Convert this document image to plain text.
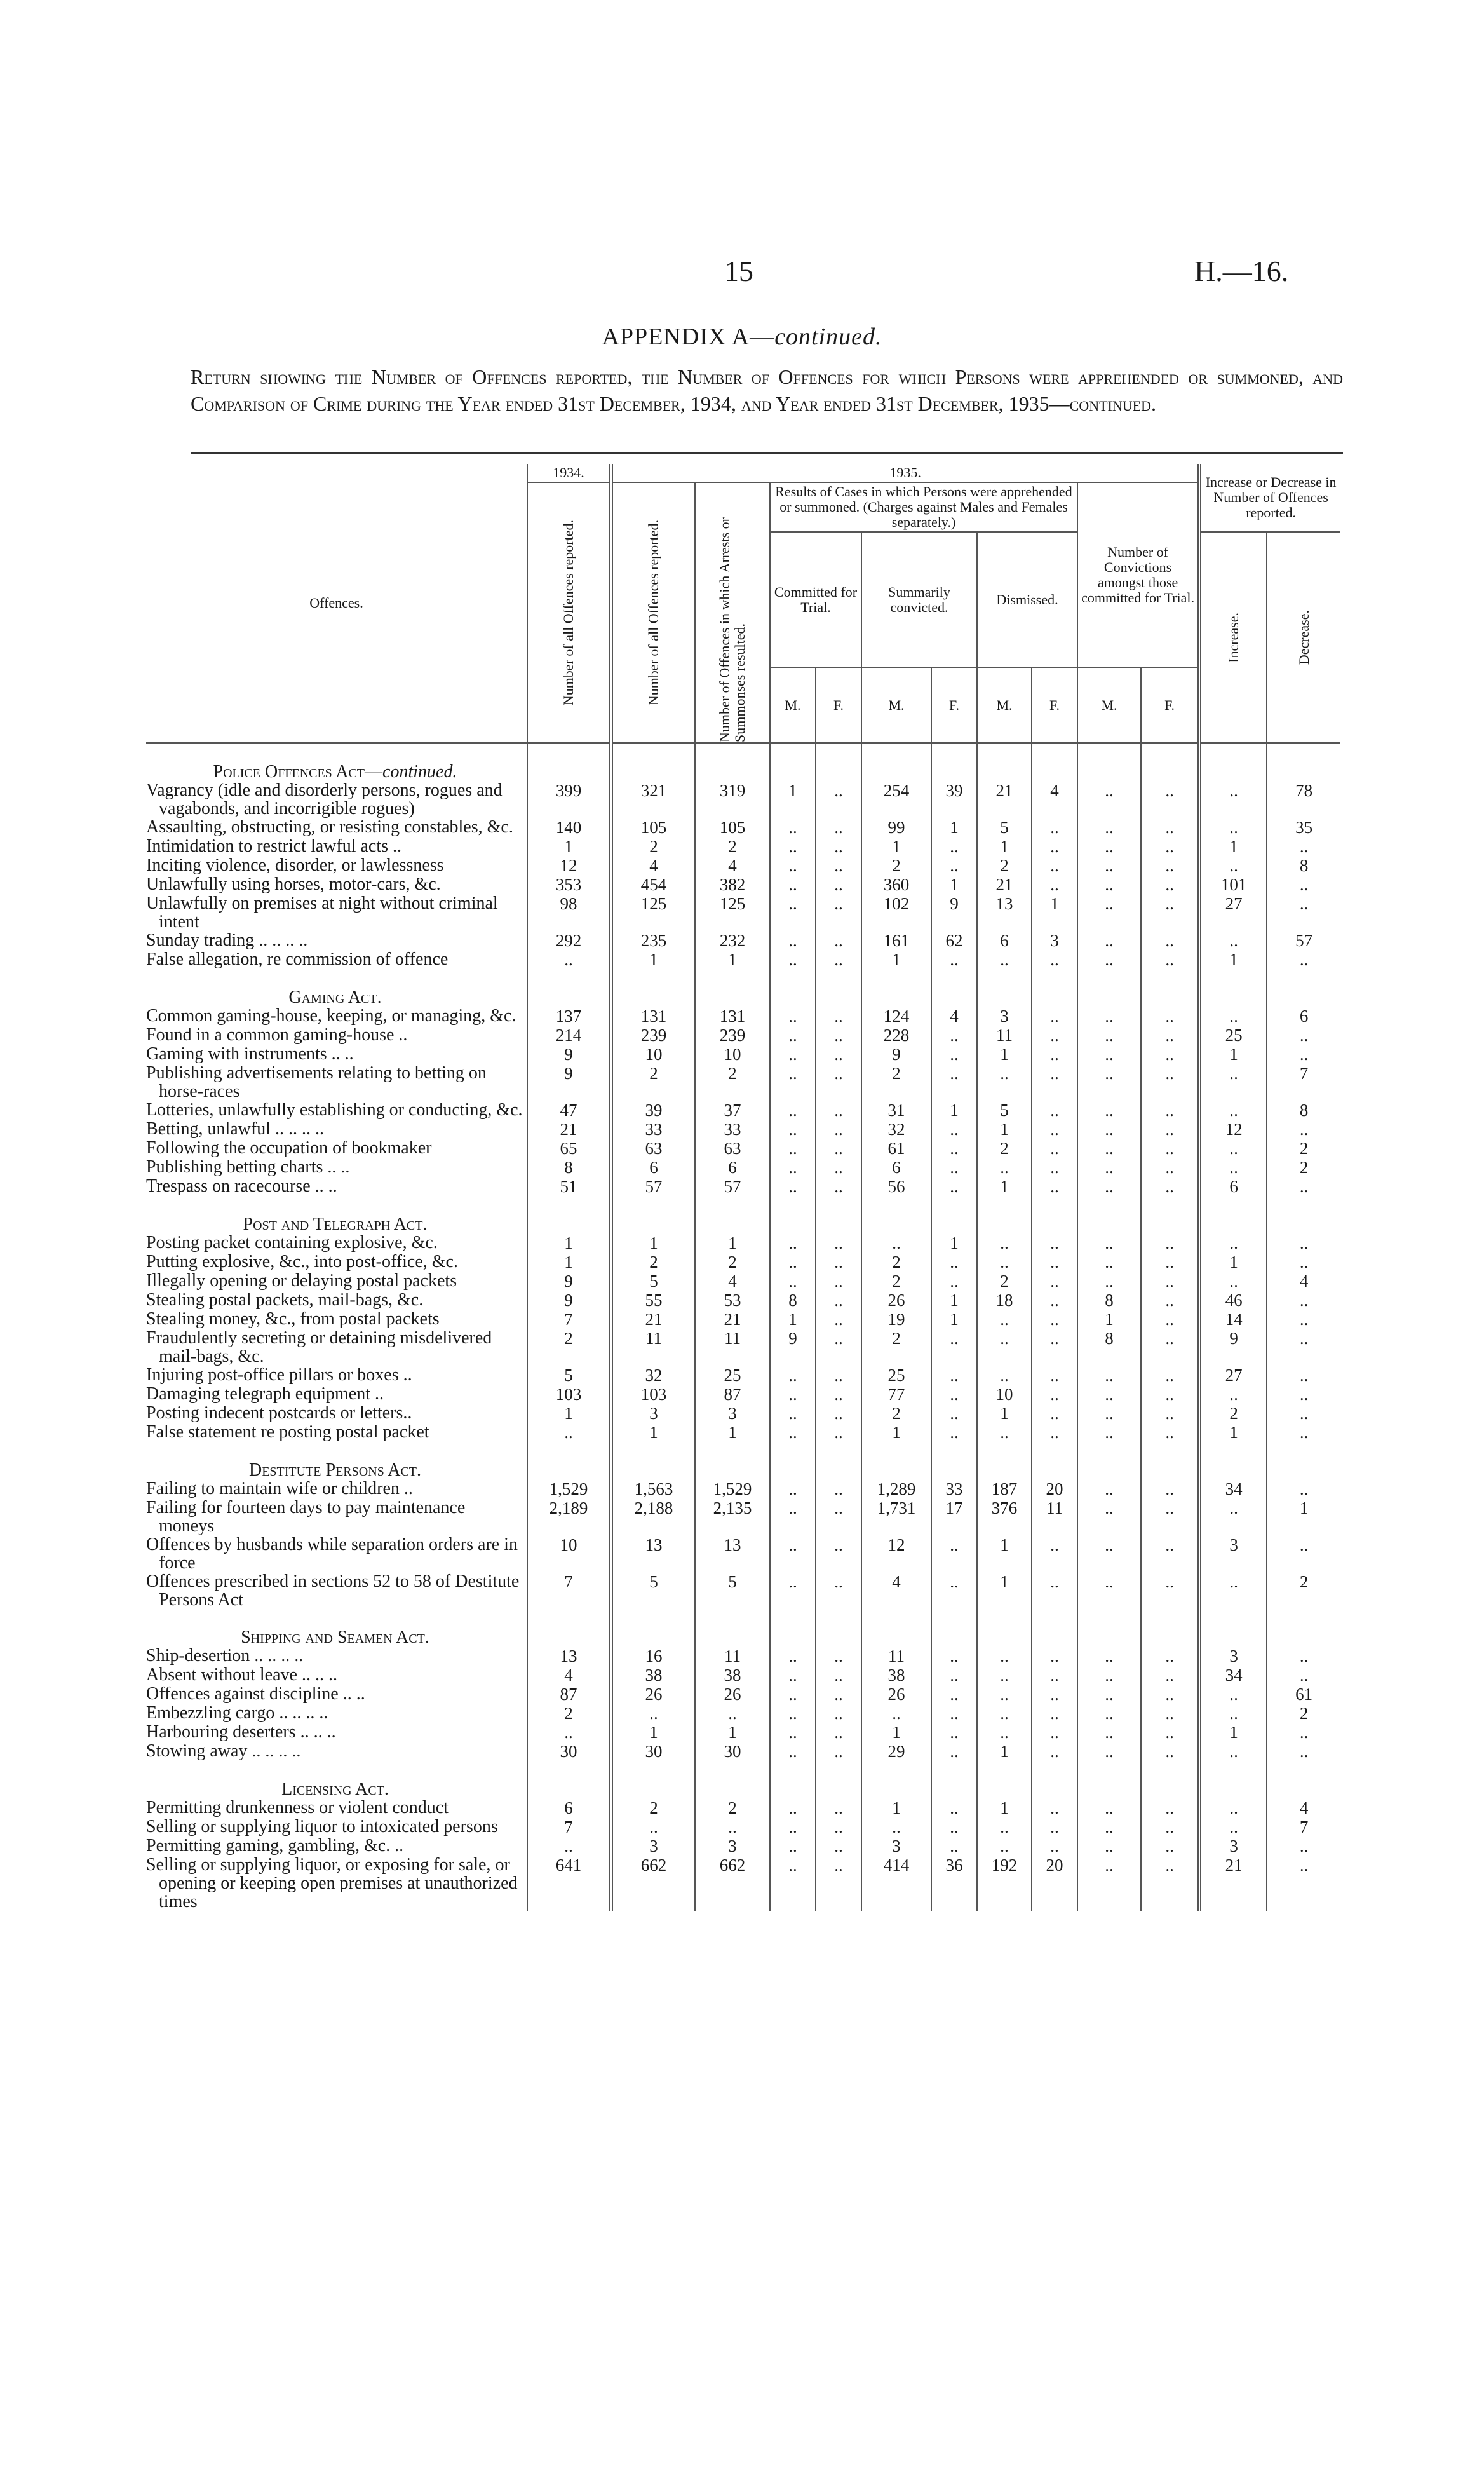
15	H.—16.
APPENDIX A—continued.
Return showing the Number of Offences reported, the Number of Offences for which Persons were apprehended or summoned, and Comparison of Crime during the Year ended 31st December, 1934, and Year ended 31st December, 1935—continued.
Offences.	1934.	1935.										Increase or Decrease in Number of Offences reported.	

	Number of all Offences reported.	Number of all Offences reported.	Number of Offences in which Arrests or Summonses resulted.	Results of Cases in which Persons were apprehended or summoned. (Charges against Males and Females separately.)						Number of Convictions amongst those committed for Trial.			
				Committed for Trial.		Summarily convicted.		Dismissed.				Increase.	Decrease.

				M.	F.	M.	F.	M.	F.	M.	F.		
Police Offences Act—continued.													
Vagrancy (idle and disorderly persons, rogues and vagabonds, and incorrigible rogues)	399	321	319	1	..	254	39	21	4	..	..	..	78
Assaulting, obstructing, or resisting constables, &c.	140	105	105	..	..	99	1	5	..	..	..	..	35
Intimidation to restrict lawful acts ..	1	2	2	..	..	1	..	1	..	..	..	1	..
Inciting violence, disorder, or lawlessness	12	4	4	..	..	2	..	2	..	..	..	..	8
Unlawfully using horses, motor-cars, &c.	353	454	382	..	..	360	1	21	..	..	..	101	..
Unlawfully on premises at night without criminal intent	98	125	125	..	..	102	9	13	1	..	..	27	..
Sunday trading .. .. .. ..	292	235	232	..	..	161	62	6	3	..	..	..	57
False allegation, re commission of offence	..	1	1	..	..	1	..	..	..	..	..	1	..
Gaming Act.													
Common gaming-house, keeping, or managing, &c.	137	131	131	..	..	124	4	3	..	..	..	..	6
Found in a common gaming-house ..	214	239	239	..	..	228	..	11	..	..	..	25	..
Gaming with instruments .. ..	9	10	10	..	..	9	..	1	..	..	..	1	..
Publishing advertisements relating to betting on horse-races	9	2	2	..	..	2	..	..	..	..	..	..	7
Lotteries, unlawfully establishing or conducting, &c.	47	39	37	..	..	31	1	5	..	..	..	..	8
Betting, unlawful .. .. .. ..	21	33	33	..	..	32	..	1	..	..	..	12	..
Following the occupation of bookmaker	65	63	63	..	..	61	..	2	..	..	..	..	2
Publishing betting charts .. ..	8	6	6	..	..	6	..	..	..	..	..	..	2
Trespass on racecourse .. ..	51	57	57	..	..	56	..	1	..	..	..	6	..
Post and Telegraph Act.													
Posting packet containing explosive, &c.	1	1	1	..	..	..	1	..	..	..	..	..	..
Putting explosive, &c., into post-office, &c.	1	2	2	..	..	2	..	..	..	..	..	1	..
Illegally opening or delaying postal packets	9	5	4	..	..	2	..	2	..	..	..	..	4
Stealing postal packets, mail-bags, &c.	9	55	53	8	..	26	1	18	..	8	..	46	..
Stealing money, &c., from postal packets	7	21	21	1	..	19	1	..	..	1	..	14	..
Fraudulently secreting or detaining misdelivered mail-bags, &c.	2	11	11	9	..	2	..	..	..	8	..	9	..
Injuring post-office pillars or boxes ..	5	32	25	..	..	25	..	..	..	..	..	27	..
Damaging telegraph equipment ..	103	103	87	..	..	77	..	10	..	..	..	..	..
Posting indecent postcards or letters..	1	3	3	..	..	2	..	1	..	..	..	2	..
False statement re posting postal packet	..	1	1	..	..	1	..	..	..	..	..	1	..
Destitute Persons Act.													
Failing to maintain wife or children ..	1,529	1,563	1,529	..	..	1,289	33	187	20	..	..	34	..
Failing for fourteen days to pay maintenance moneys	2,189	2,188	2,135	..	..	1,731	17	376	11	..	..	..	1
Offences by husbands while separation orders are in force	10	13	13	..	..	12	..	1	..	..	..	3	..
Offences prescribed in sections 52 to 58 of Destitute Persons Act	7	5	5	..	..	4	..	1	..	..	..	..	2
Shipping and Seamen Act.													
Ship-desertion .. .. .. ..	13	16	11	..	..	11	..	..	..	..	..	3	..
Absent without leave .. .. ..	4	38	38	..	..	38	..	..	..	..	..	34	..
Offences against discipline .. ..	87	26	26	..	..	26	..	..	..	..	..	..	61
Embezzling cargo .. .. .. ..	2	..	..	..	..	..	..	..	..	..	..	..	2
Harbouring deserters .. .. ..	..	1	1	..	..	1	..	..	..	..	..	1	..
Stowing away .. .. .. ..	30	30	30	..	..	29	..	1	..	..	..	..	..
Licensing Act.													
Permitting drunkenness or violent conduct	6	2	2	..	..	1	..	1	..	..	..	..	4
Selling or supplying liquor to intoxicated persons	7	..	..	..	..	..	..	..	..	..	..	..	7
Permitting gaming, gambling, &c. ..	..	3	3	..	..	3	..	..	..	..	..	3	..
Selling or supplying liquor, or exposing for sale, or opening or keeping open premises at unauthorized times	641	662	662	..	..	414	36	192	20	..	..	21	..
